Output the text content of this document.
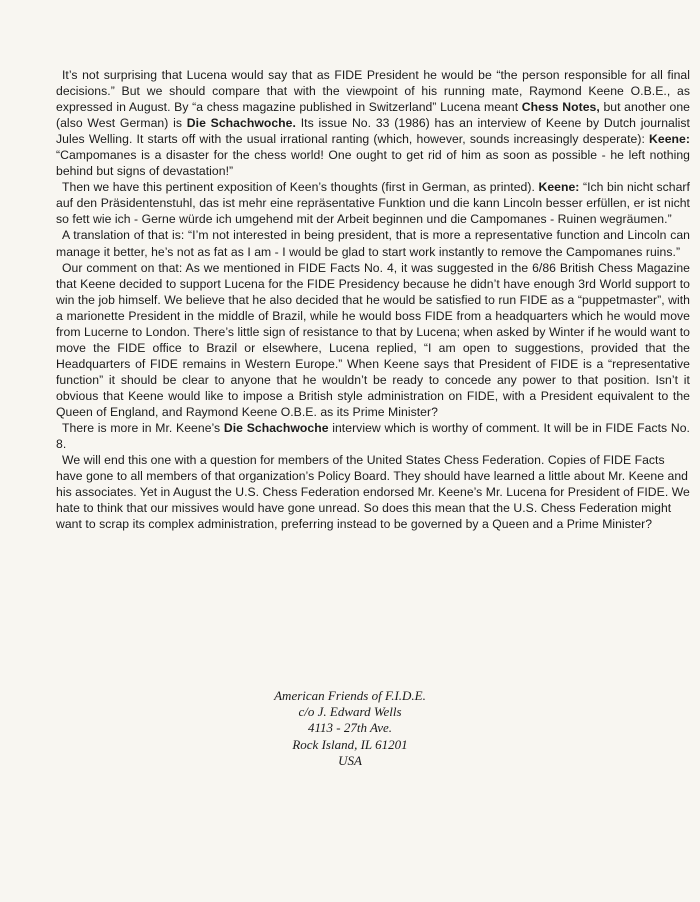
It’s not surprising that Lucena would say that as FIDE President he would be “the person responsible for all final decisions.” But we should compare that with the viewpoint of his running mate, Raymond Keene O.B.E., as expressed in August. By “a chess magazine published in Switzerland” Lucena meant Chess Notes, but another one (also West German) is Die Schachwoche. Its issue No. 33 (1986) has an interview of Keene by Dutch journalist Jules Welling. It starts off with the usual irrational ranting (which, however, sounds increasingly desperate): Keene: “Campomanes is a disaster for the chess world! One ought to get rid of him as soon as possible - he left nothing behind but signs of devastation!”

Then we have this pertinent exposition of Keen’s thoughts (first in German, as printed). Keene: “Ich bin nicht scharf auf den Präsidentenstuhl, das ist mehr eine repräsentative Funktion und die kann Lincoln besser erfüllen, er ist nicht so fett wie ich - Gerne würde ich umgehend mit der Arbeit beginnen und die Campomanes - Ruinen wegräumen.”

A translation of that is: “I’m not interested in being president, that is more a representative function and Lincoln can manage it better, he’s not as fat as I am - I would be glad to start work instantly to remove the Campomanes ruins.”

Our comment on that: As we mentioned in FIDE Facts No. 4, it was suggested in the 6/86 British Chess Magazine that Keene decided to support Lucena for the FIDE Presidency because he didn’t have enough 3rd World support to win the job himself. We believe that he also decided that he would be satisfied to run FIDE as a “puppetmaster”, with a marionette President in the middle of Brazil, while he would boss FIDE from a headquarters which he would move from Lucerne to London. There’s little sign of resistance to that by Lucena; when asked by Winter if he would want to move the FIDE office to Brazil or elsewhere, Lucena replied, “I am open to suggestions, provided that the Headquarters of FIDE remains in Western Europe.” When Keene says that President of FIDE is a “representative function” it should be clear to anyone that he wouldn’t be ready to concede any power to that position. Isn’t it obvious that Keene would like to impose a British style administration on FIDE, with a President equivalent to the Queen of England, and Raymond Keene O.B.E. as its Prime Minister?

There is more in Mr. Keene’s Die Schachwoche interview which is worthy of comment. It will be in FIDE Facts No. 8.

We will end this one with a question for members of the United States Chess Federation. Copies of FIDE Facts have gone to all members of that organization’s Policy Board. They should have learned a little about Mr. Keene and his associates. Yet in August the U.S. Chess Federation endorsed Mr. Keene’s Mr. Lucena for President of FIDE. We hate to think that our missives would have gone unread. So does this mean that the U.S. Chess Federation might want to scrap its complex administration, preferring instead to be governed by a Queen and a Prime Minister?

American Friends of F.I.D.E.
c/o J. Edward Wells
4113 - 27th Ave.
Rock Island, IL 61201
USA
